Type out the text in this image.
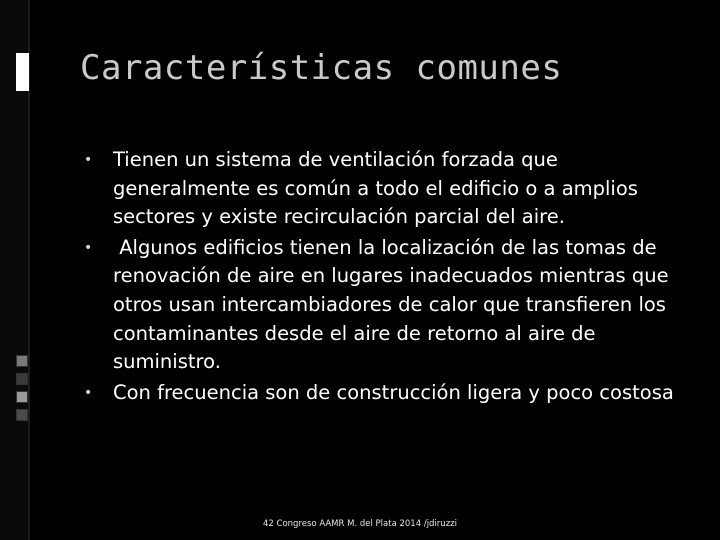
Características comunes
• Tienen un sistema de ventilación forzada que generalmente es común a todo el edificio o a amplios sectores y existe recirculación parcial del aire.
• Algunos edificios tienen la localización de las tomas de renovación de aire en lugares inadecuados mientras que otros usan intercambiadores de calor que transfieren los contaminantes desde el aire de retorno al aire de suministro.
• Con frecuencia son de construcción ligera y poco costosa
42 Congreso AAMR M. del Plata 2014 /jdiruzzi
